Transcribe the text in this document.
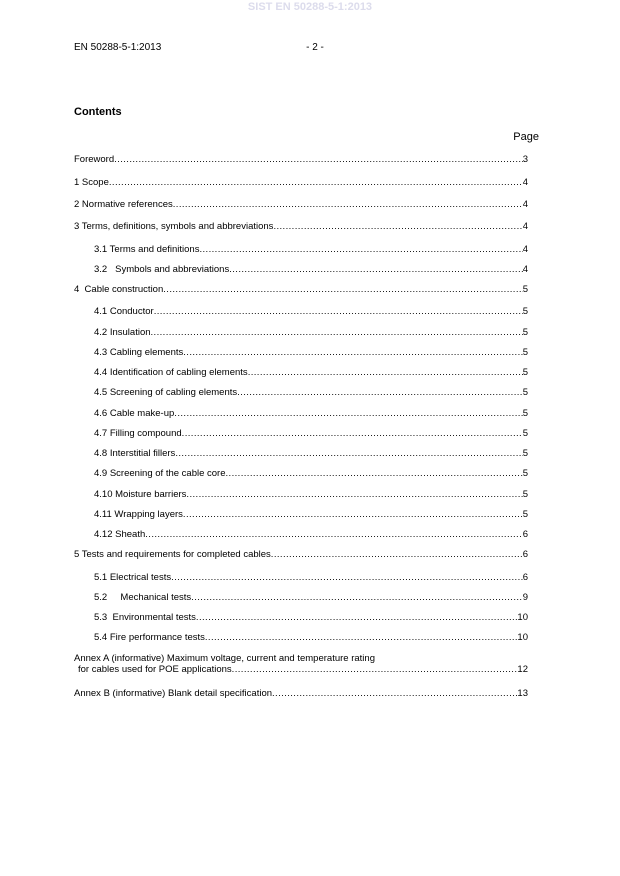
SIST EN 50288-5-1:2013
EN 50288-5-1:2013	- 2 -
Contents
Page
Foreword .....	3
1 Scope .....	4
2 Normative references .....	4
3 Terms, definitions, symbols and abbreviations .....	4
3.1 Terms and definitions .....	4
3.2   Symbols and abbreviations .....	4
4  Cable construction .....	5
4.1 Conductor .....	5
4.2 Insulation .....	5
4.3 Cabling elements .....	5
4.4 Identification of cabling elements .....	5
4.5 Screening of cabling elements .....	5
4.6 Cable make-up .....	5
4.7 Filling compound .....	5
4.8 Interstitial fillers .....	5
4.9 Screening of the cable core .....	5
4.10 Moisture barriers .....	5
4.11 Wrapping layers .....	5
4.12 Sheath .....	6
5 Tests and requirements for completed cables .....	6
5.1 Electrical tests .....	6
5.2     Mechanical tests .....	9
5.3  Environmental tests .....	10
5.4 Fire performance tests .....	10
Annex A (informative) Maximum voltage, current and temperature rating
for cables used for POE applications .....	12
Annex B (informative) Blank detail specification .....	13
